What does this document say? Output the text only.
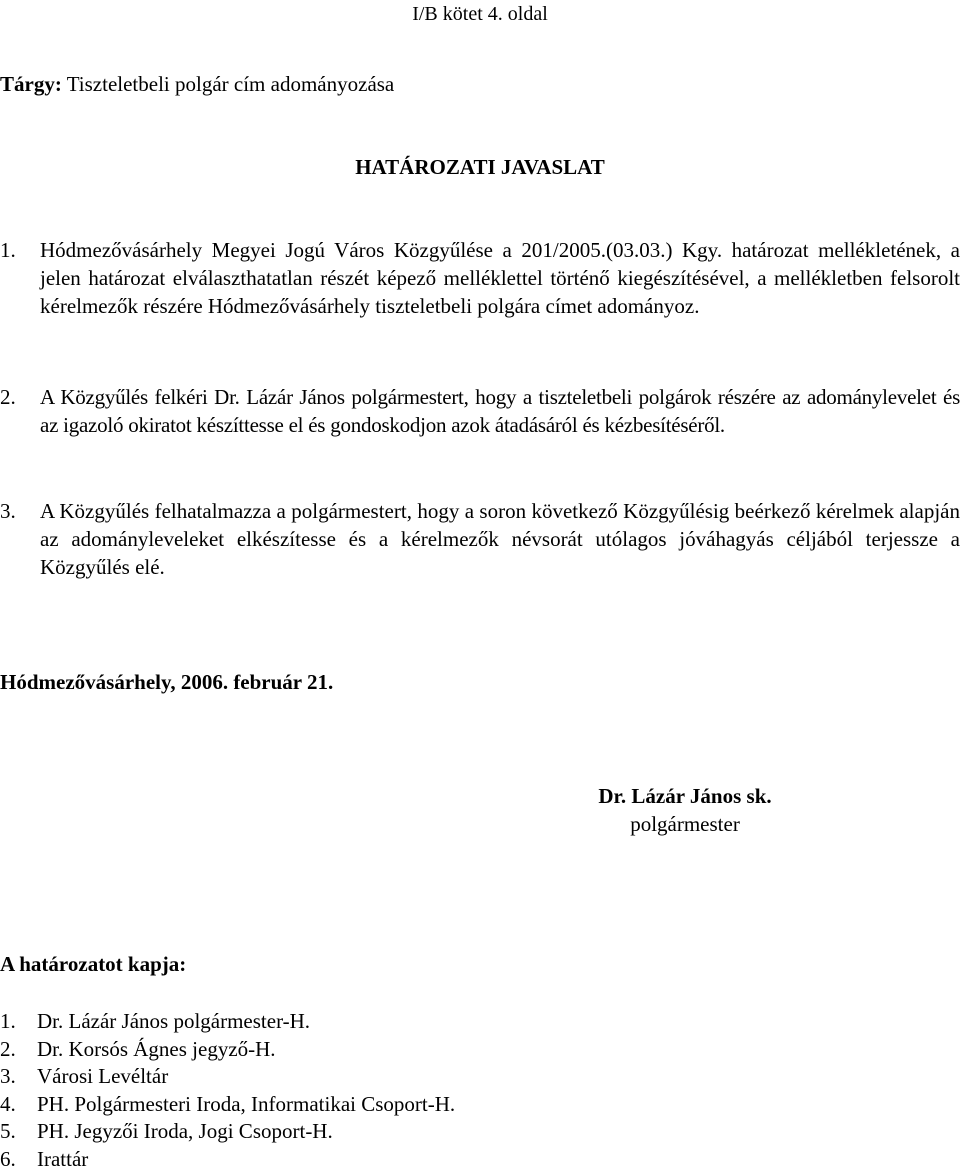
I/B kötet 4. oldal
Tárgy: Tiszteletbeli polgár cím adományozása
HATÁROZATI JAVASLAT

1. Hódmezővásárhely Megyei Jogú Város Közgyűlése a 201/2005.(03.03.) Kgy. határozat mellékletének, a jelen határozat elválaszthatatlan részét képező melléklettel történő kiegészítésével, a mellékletben felsorolt kérelmezők részére Hódmezővásárhely tiszteletbeli polgára címet adományoz.

2. A Közgyűlés felkéri Dr. Lázár János polgármestert, hogy a tiszteletbeli polgárok részére az adománylevelet és az igazoló okiratot készíttesse el és gondoskodjon azok átadásáról és kézbesítéséről.

3. A Közgyűlés felhatalmazza a polgármestert, hogy a soron következő Közgyűlésig beérkező kérelmek alapján az adományleveleket elkészítesse és a kérelmezők névsorát utólagos jóváhagyás céljából terjessze a Közgyűlés elé.

Hódmezővásárhely, 2006. február 21.
Dr. Lázár János sk.
polgármester
A határozatot kapja:
1. Dr. Lázár János polgármester-H.
2. Dr. Korsós Ágnes jegyző-H.
3. Városi Levéltár
4. PH. Polgármesteri Iroda, Informatikai Csoport-H.
5. PH. Jegyzői Iroda, Jogi Csoport-H.
6. Irattár
